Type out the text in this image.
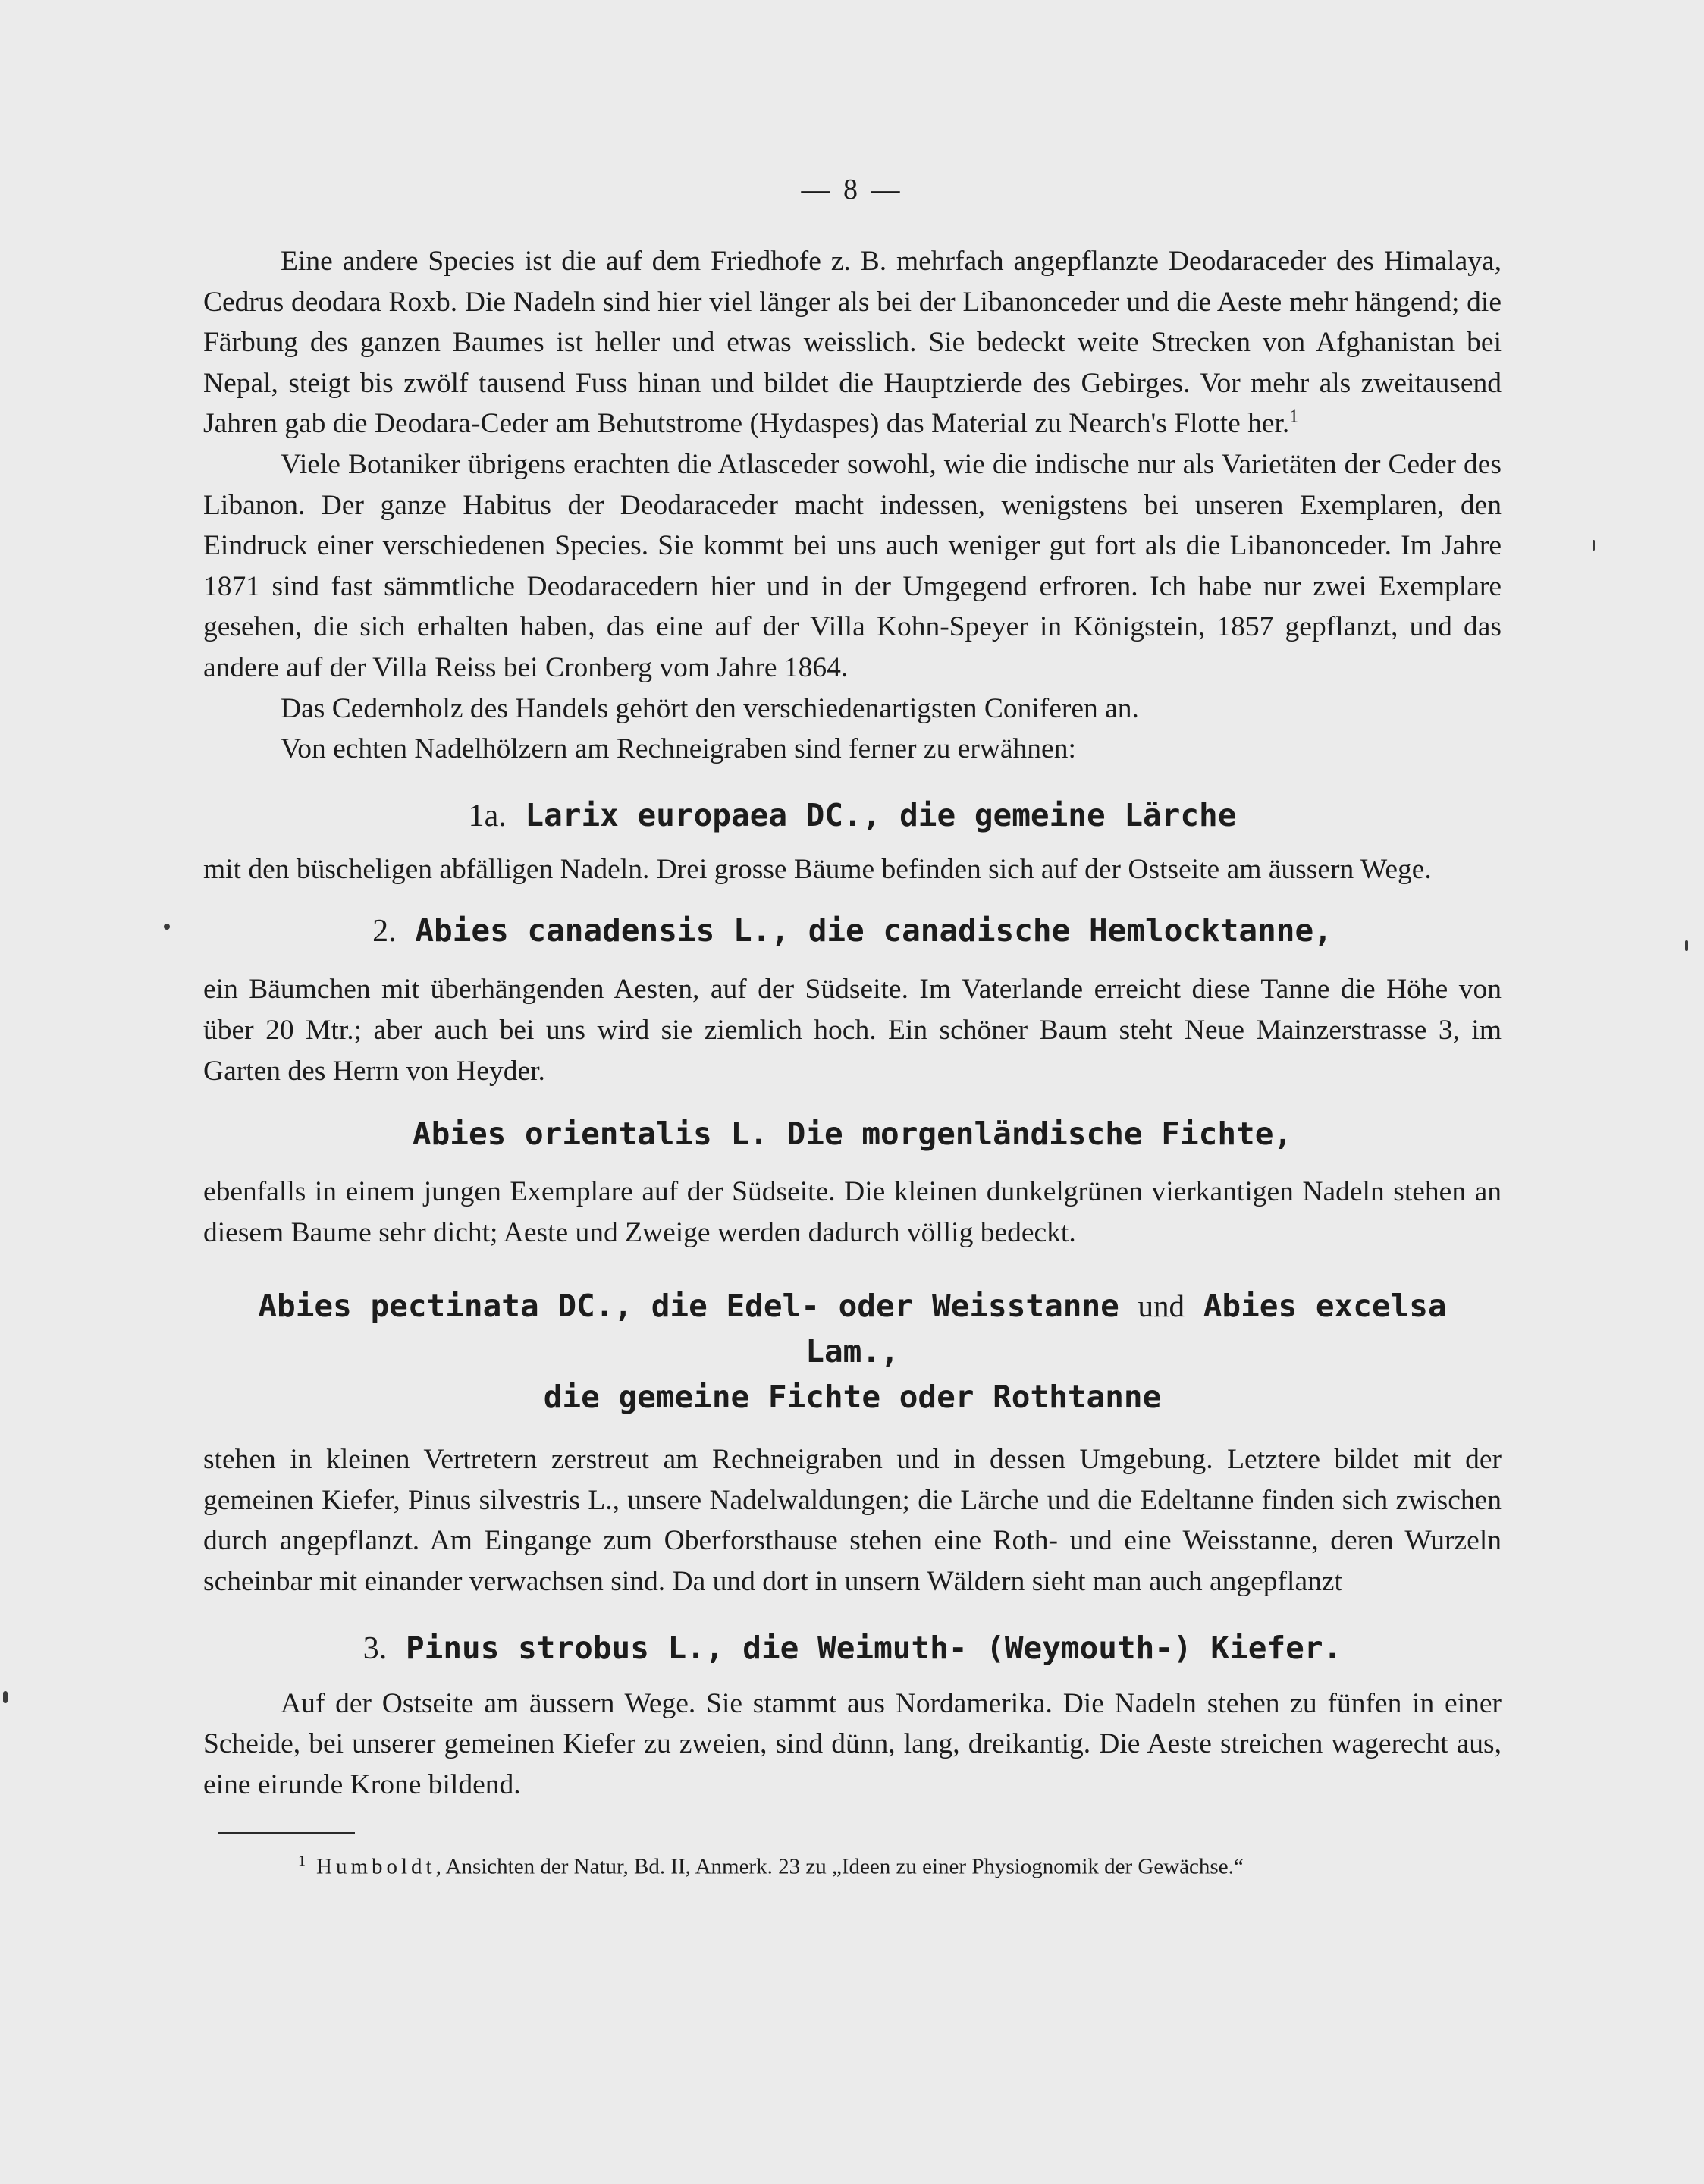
— 8 —

Eine andere Species ist die auf dem Friedhofe z. B. mehrfach angepflanzte Deodaraceder des Himalaya, Cedrus deodara Roxb. Die Nadeln sind hier viel länger als bei der Libanonceder und die Aeste mehr hängend; die Färbung des ganzen Baumes ist heller und etwas weisslich. Sie bedeckt weite Strecken von Afghanistan bei Nepal, steigt bis zwölf tausend Fuss hinan und bildet die Hauptzierde des Gebirges. Vor mehr als zweitausend Jahren gab die Deodara-Ceder am Behutstrome (Hydaspes) das Material zu Nearch's Flotte her.$^1$

Viele Botaniker übrigens erachten die Atlasceder sowohl, wie die indische nur als Varietäten der Ceder des Libanon. Der ganze Habitus der Deodaraceder macht indessen, wenigstens bei unseren Exemplaren, den Eindruck einer verschiedenen Species. Sie kommt bei uns auch weniger gut fort als die Libanonceder. Im Jahre 1871 sind fast sämmtliche Deodaracedern hier und in der Umgegend erfroren. Ich habe nur zwei Exemplare gesehen, die sich erhalten haben, das eine auf der Villa Kohn-Speyer in Königstein, 1857 gepflanzt, und das andere auf der Villa Reiss bei Cronberg vom Jahre 1864.

Das Cedernholz des Handels gehört den verschiedenartigsten Coniferen an.

Von echten Nadelhölzern am Rechneigraben sind ferner zu erwähnen:

1a. Larix europaea DC., die gemeine Lärche

mit den büscheligen abfälligen Nadeln. Drei grosse Bäume befinden sich auf der Ostseite am äussern Wege.

2. Abies canadensis L., die canadische Hemlocktanne,

ein Bäumchen mit überhängenden Aesten, auf der Südseite. Im Vaterlande erreicht diese Tanne die Höhe von über 20 Mtr.; aber auch bei uns wird sie ziemlich hoch. Ein schöner Baum steht Neue Mainzerstrasse 3, im Garten des Herrn von Heyder.

Abies orientalis L. Die morgenländische Fichte,

ebenfalls in einem jungen Exemplare auf der Südseite. Die kleinen dunkelgrünen vierkantigen Nadeln stehen an diesem Baume sehr dicht; Aeste und Zweige werden dadurch völlig bedeckt.

Abies pectinata DC., die Edel- oder Weisstanne und Abies excelsa Lam.,
die gemeine Fichte oder Rothtanne

stehen in kleinen Vertretern zerstreut am Rechneigraben und in dessen Umgebung. Letztere bildet mit der gemeinen Kiefer, Pinus silvestris L., unsere Nadelwaldungen; die Lärche und die Edeltanne finden sich zwischen durch angepflanzt. Am Eingange zum Oberforsthause stehen eine Roth- und eine Weisstanne, deren Wurzeln scheinbar mit einander verwachsen sind. Da und dort in unsern Wäldern sieht man auch angepflanzt

3. Pinus strobus L., die Weimuth- (Weymouth-) Kiefer.

Auf der Ostseite am äussern Wege. Sie stammt aus Nordamerika. Die Nadeln stehen zu fünfen in einer Scheide, bei unserer gemeinen Kiefer zu zweien, sind dünn, lang, dreikantig. Die Aeste streichen wagerecht aus, eine eirunde Krone bildend.

$^1$ Humboldt, Ansichten der Natur, Bd. II, Anmerk. 23 zu „Ideen zu einer Physiognomik der Gewächse.“
